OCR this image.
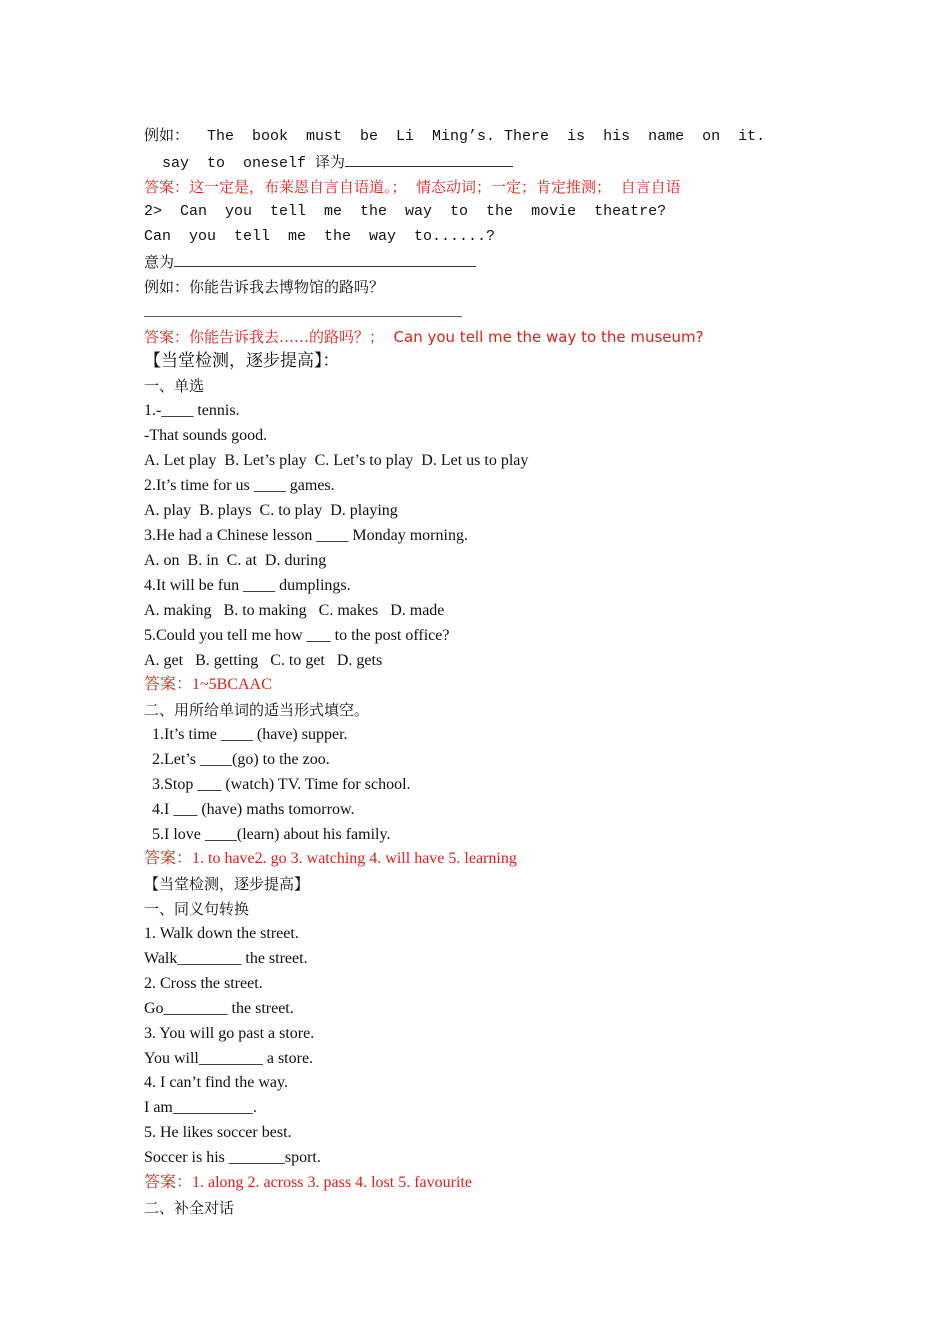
例如：  The  book  must  be  Li  Ming’s. There  is  his  name  on  it.
say  to  oneself 译为
答案：这一定是，布莱恩自言自语道。；  情态动词；一定；肯定推测；  自言自语
2>  Can  you  tell  me  the  way  to  the  movie  theatre?
Can  you  tell  me  the  way  to......?
意为
例如：你能告诉我去博物馆的路吗？
答案：你能告诉我去……的路吗？；  Can you tell me the way to the museum?
【当堂检测，逐步提高】：
一、单选
1.-____ tennis.
-That sounds good.
A. Let play  B. Let’s play  C. Let’s to play  D. Let us to play
2.It’s time for us ____ games.
A. play  B. plays  C. to play  D. playing
3.He had a Chinese lesson ____ Monday morning.
A. on  B. in  C. at  D. during
4.It will be fun ____ dumplings.
A. making   B. to making   C. makes   D. made
5.Could you tell me how ___ to the post office?
A. get   B. getting   C. to get   D. gets
答案：1~5BCAAC
二、用所给单词的适当形式填空。
1.It’s time ____ (have) supper.
2.Let’s ____(go) to the zoo.
3.Stop ___ (watch) TV. Time for school.
4.I ___ (have) maths tomorrow.
5.I love ____(learn) about his family.
答案：1. to have2. go 3. watching 4. will have 5. learning
【当堂检测，逐步提高】
一、同义句转换
1. Walk down the street.
Walk________ the street.
2. Cross the street.
Go________ the street.
3. You will go past a store.
You will________ a store.
4. I can’t find the way.
I am__________.
5. He likes soccer best.
Soccer is his _______sport.
答案：1. along 2. across 3. pass 4. lost 5. favourite
二、补全对话
